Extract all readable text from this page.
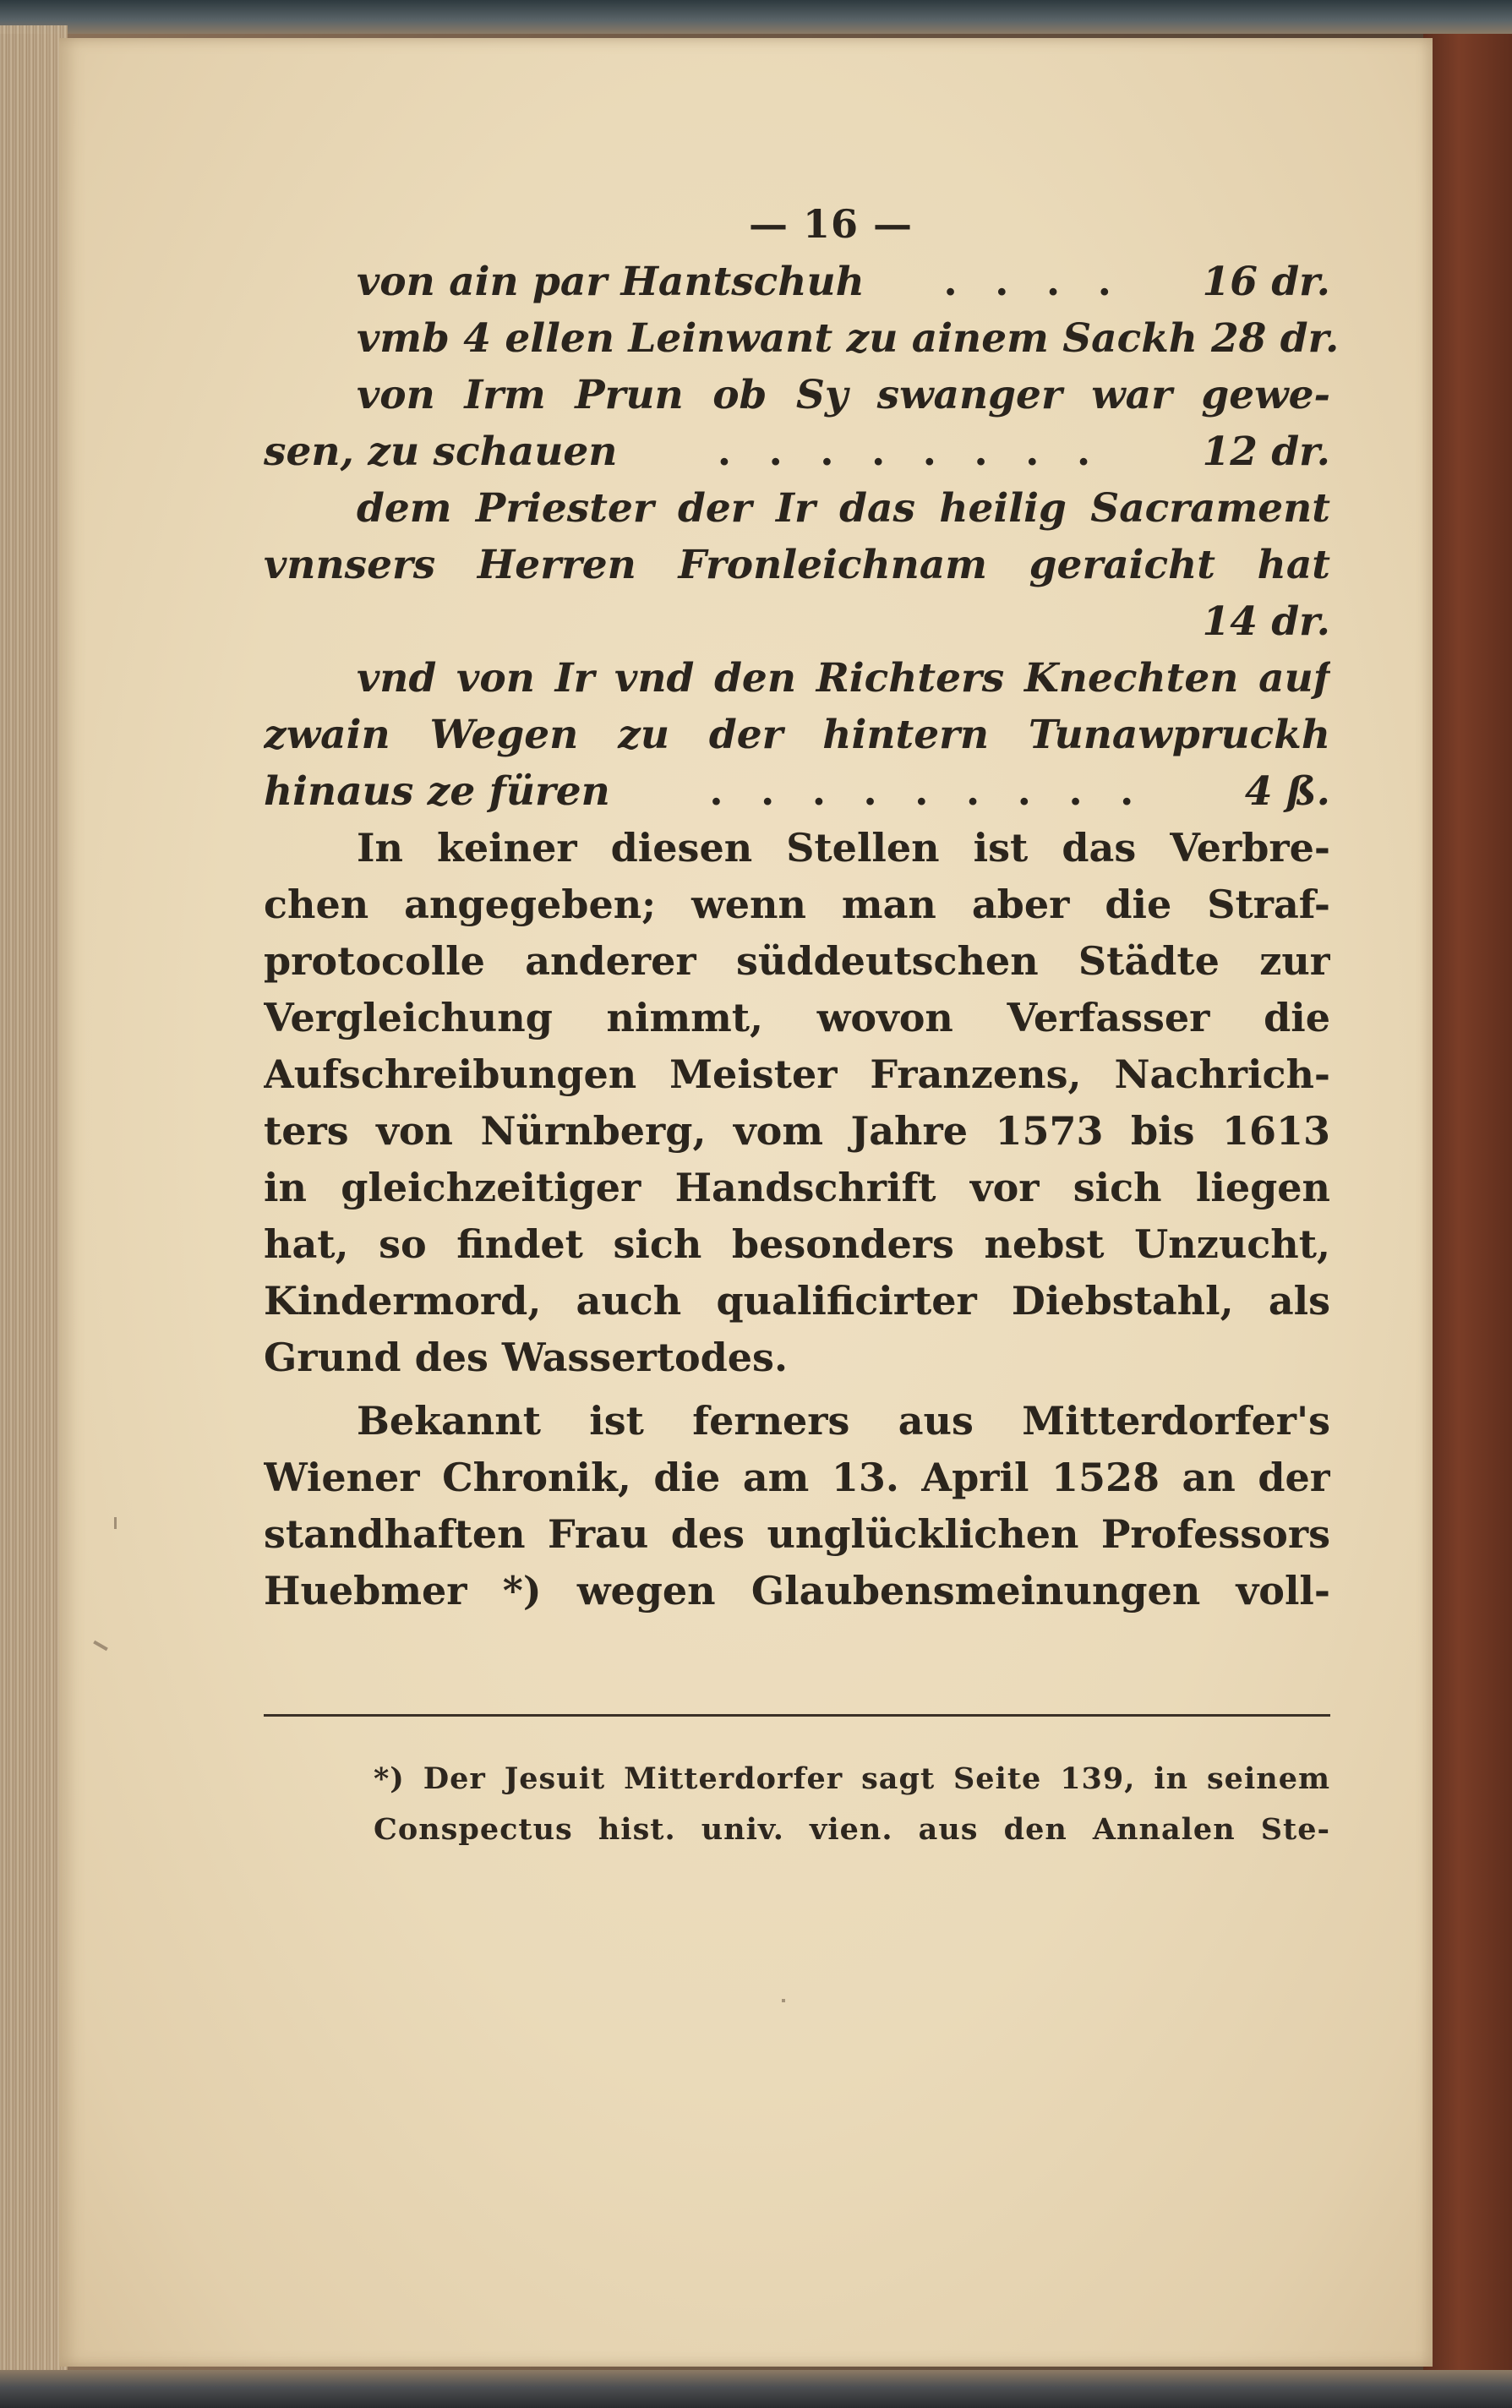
— 16 —
von ain par Hantschuh	. . . .	16 dr.
vmb 4 ellen Leinwant zu ainem Sackh 28 dr.
von Irm Prun ob Sy swanger war gewe-
sen, zu schauen	. . . . . . . .	12 dr.
dem Priester der Ir das heilig Sacrament
vnnsers Herren Fronleichnam geraicht hat
14 dr.
vnd von Ir vnd den Richters Knechten auf
zwain Wegen zu der hintern Tunawpruckh
hinaus ze füren	. . . . . . . . .	4 ß.
In keiner diesen Stellen ist das Verbre-
chen angegeben; wenn man aber die Straf-
protocolle anderer süddeutschen Städte zur
Vergleichung nimmt, wovon Verfasser die
Aufschreibungen Meister Franzens, Nachrich-
ters von Nürnberg, vom Jahre 1573 bis 1613
in gleichzeitiger Handschrift vor sich liegen
hat, so findet sich besonders nebst Unzucht,
Kindermord, auch qualificirter Diebstahl, als
Grund des Wassertodes.
Bekannt ist ferners aus Mitterdorfer's
Wiener Chronik, die am 13. April 1528 an der
standhaften Frau des unglücklichen Professors
Huebmer *) wegen Glaubensmeinungen voll-
*) Der Jesuit Mitterdorfer sagt Seite 139, in seinem
Conspectus hist. univ. vien. aus den Annalen Ste-
